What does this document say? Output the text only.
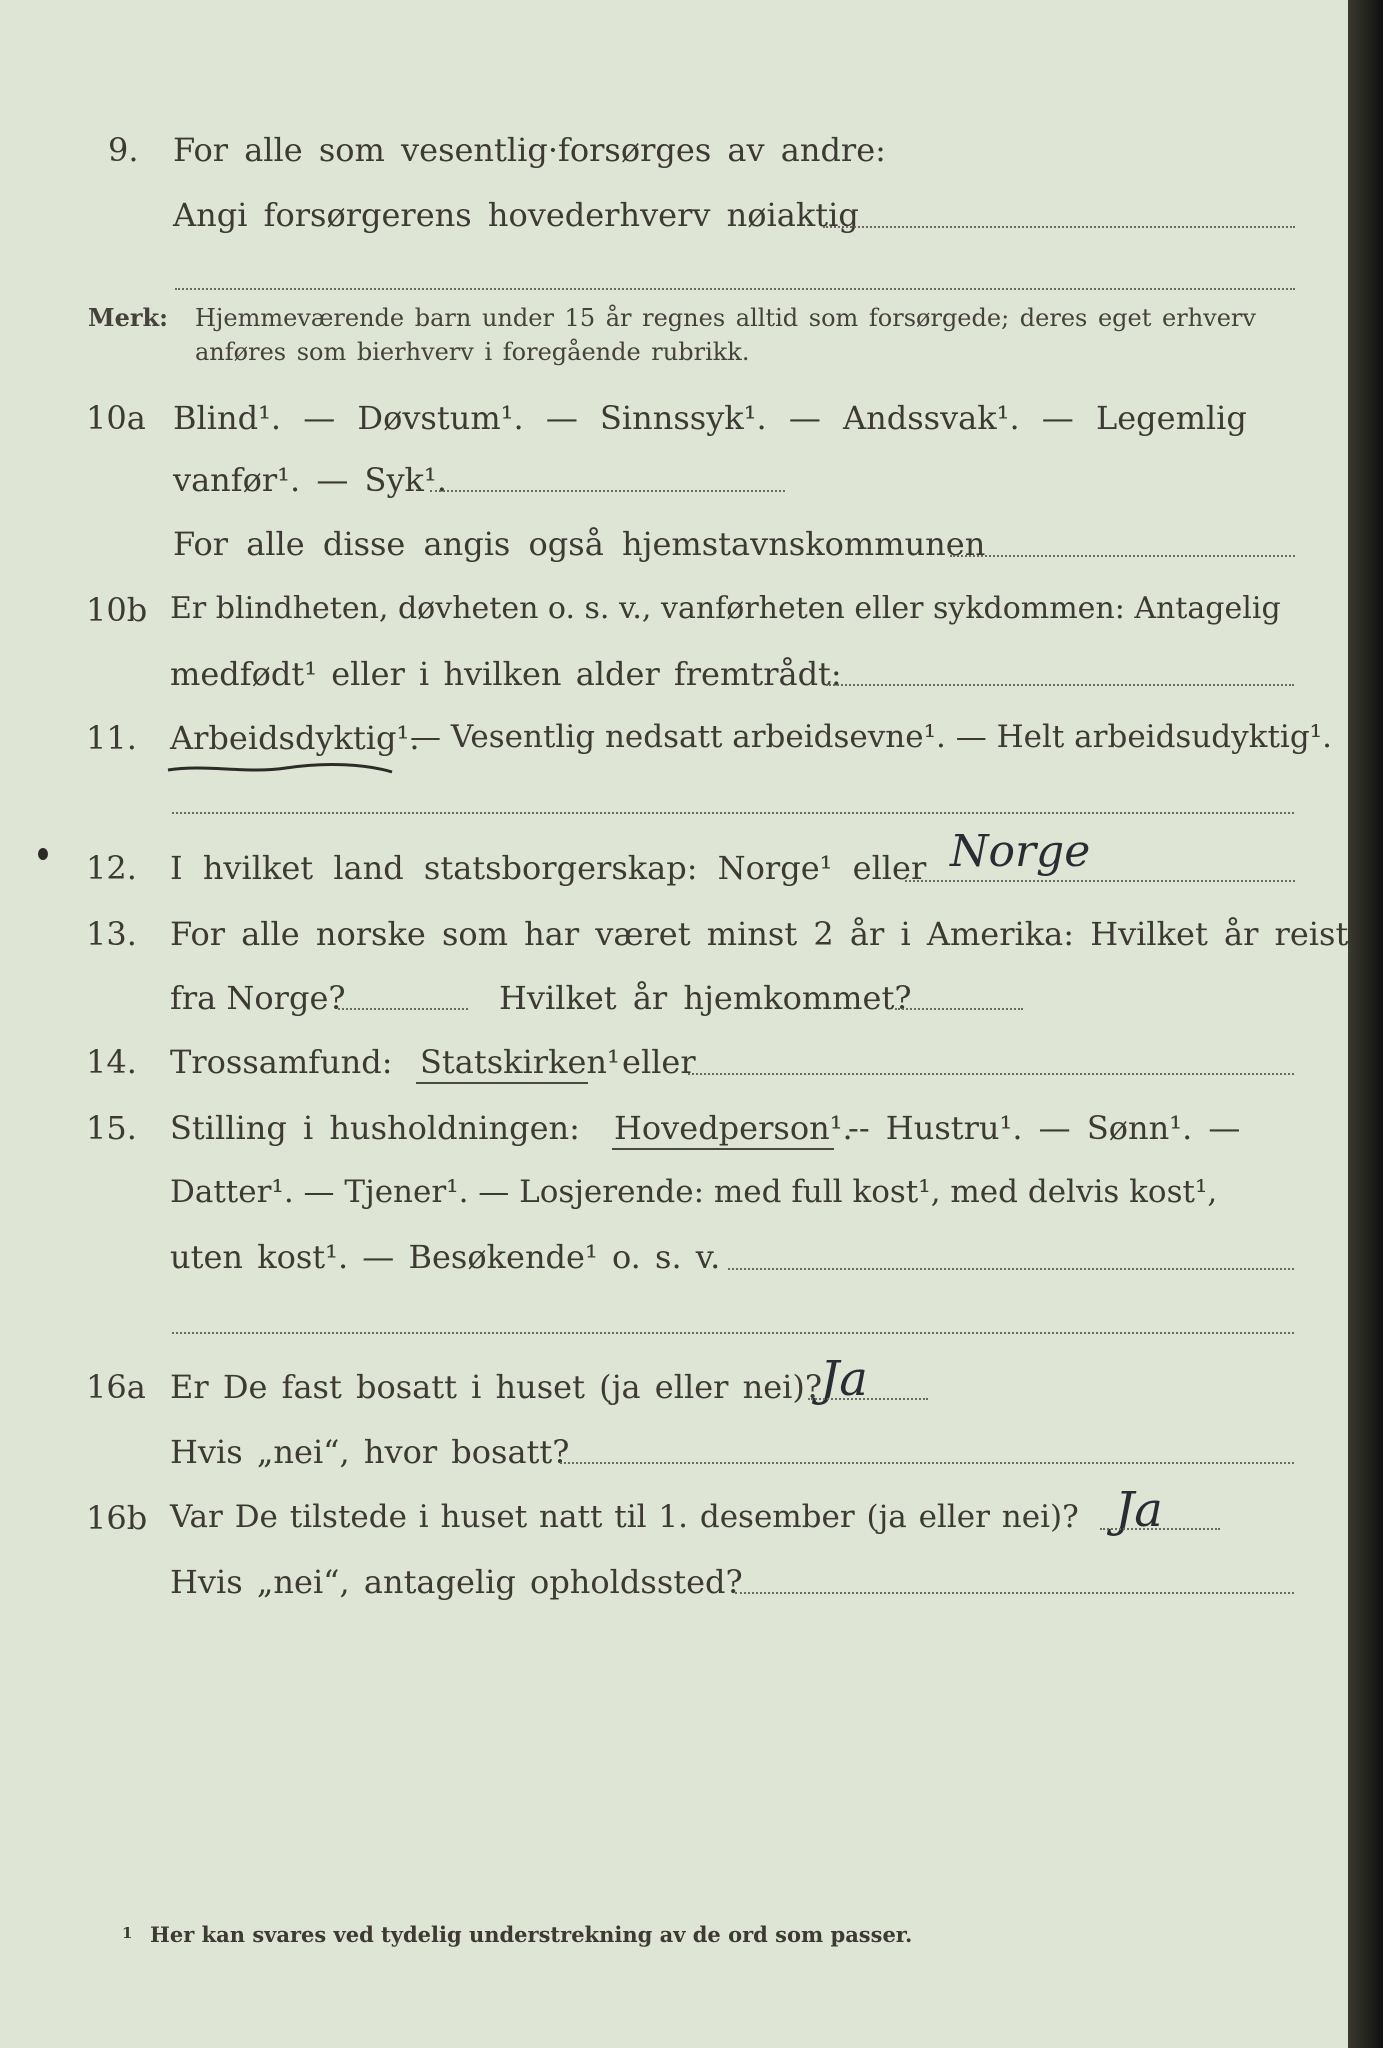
9. For alle som vesentlig·forsørges av andre:
Angi forsørgerens hovederhverv nøiaktig
Merk: Hjemmeværende barn under 15 år regnes alltid som forsørgede; deres eget erhverv
anføres som bierhverv i foregående rubrikk.
10a Blind¹. — Døvstum¹. — Sinnssyk¹. — Andssvak¹. — Legemlig
vanfør¹. — Syk¹.
For alle disse angis også hjemstavnskommunen
10b Er blindheten, døvheten o. s. v., vanførheten eller sykdommen: Antagelig
medfødt¹ eller i hvilken alder fremtrådt:
11. Arbeidsdyktig¹.
— Vesentlig nedsatt arbeidsevne¹. — Helt arbeidsudyktig¹.
12. I hvilket land statsborgerskap: Norge¹ eller Norge
13. For alle norske som har været minst 2 år i Amerika: Hvilket år reist
fra Norge?	Hvilket år hjemkommet?
14. Trossamfund: Statskirken¹ eller
15. Stilling i husholdningen: Hovedperson¹.
-- Hustru¹. — Sønn¹. —
Datter¹. — Tjener¹. — Losjerende: med full kost¹, med delvis kost¹,
uten kost¹. — Besøkende¹ o. s. v.
16a Er De fast bosatt i huset (ja eller nei)?
Ja
Hvis „nei“, hvor bosatt?
16b Var De tilstede i huset natt til 1. desember (ja eller nei)? Ja
Hvis „nei“, antagelig opholdssted?
1 Her kan svares ved tydelig understrekning av de ord som passer.
